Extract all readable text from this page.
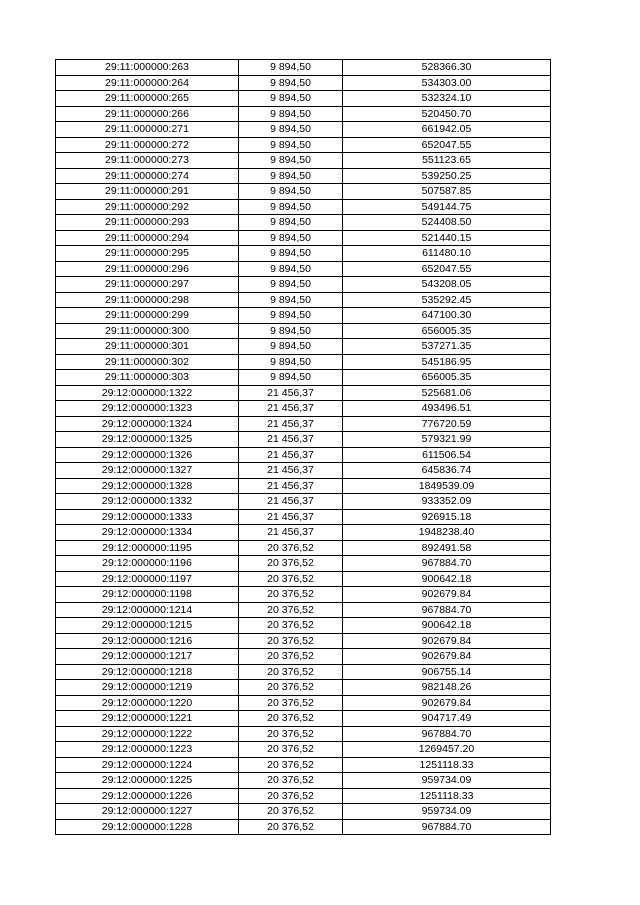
29:11:000000:263	9 894,50	528366.30
29:11:000000:264	9 894,50	534303.00
29:11:000000:265	9 894,50	532324.10
29:11:000000:266	9 894,50	520450.70
29:11:000000:271	9 894,50	661942.05
29:11:000000:272	9 894,50	652047.55
29:11:000000:273	9 894,50	551123.65
29:11:000000:274	9 894,50	539250.25
29:11:000000:291	9 894,50	507587.85
29:11:000000:292	9 894,50	549144.75
29:11:000000:293	9 894,50	524408.50
29:11:000000:294	9 894,50	521440.15
29:11:000000:295	9 894,50	611480.10
29:11:000000:296	9 894,50	652047.55
29:11:000000:297	9 894,50	543208.05
29:11:000000:298	9 894,50	535292.45
29:11:000000:299	9 894,50	647100.30
29:11:000000:300	9 894,50	656005.35
29:11:000000:301	9 894,50	537271.35
29:11:000000:302	9 894,50	545186.95
29:11:000000:303	9 894,50	656005.35
29:12:000000:1322	21 456,37	525681.06
29:12:000000:1323	21 456,37	493496.51
29:12:000000:1324	21 456,37	776720.59
29:12:000000:1325	21 456,37	579321.99
29:12:000000:1326	21 456,37	611506.54
29:12:000000:1327	21 456,37	645836.74
29:12:000000:1328	21 456,37	1849539.09
29:12:000000:1332	21 456,37	933352.09
29:12:000000:1333	21 456,37	926915.18
29:12:000000:1334	21 456,37	1948238.40
29:12:000000:1195	20 376,52	892491.58
29:12:000000:1196	20 376,52	967884.70
29:12:000000:1197	20 376,52	900642.18
29:12:000000:1198	20 376,52	902679.84
29:12:000000:1214	20 376,52	967884.70
29:12:000000:1215	20 376,52	900642.18
29:12:000000:1216	20 376,52	902679.84
29:12:000000:1217	20 376,52	902679.84
29:12:000000:1218	20 376,52	906755.14
29:12:000000:1219	20 376,52	982148.26
29:12:000000:1220	20 376,52	902679.84
29:12:000000:1221	20 376,52	904717.49
29:12:000000:1222	20 376,52	967884.70
29:12:000000:1223	20 376,52	1269457.20
29:12:000000:1224	20 376,52	1251118.33
29:12:000000:1225	20 376,52	959734.09
29:12:000000:1226	20 376,52	1251118.33
29:12:000000:1227	20 376,52	959734.09
29:12:000000:1228	20 376,52	967884.70
